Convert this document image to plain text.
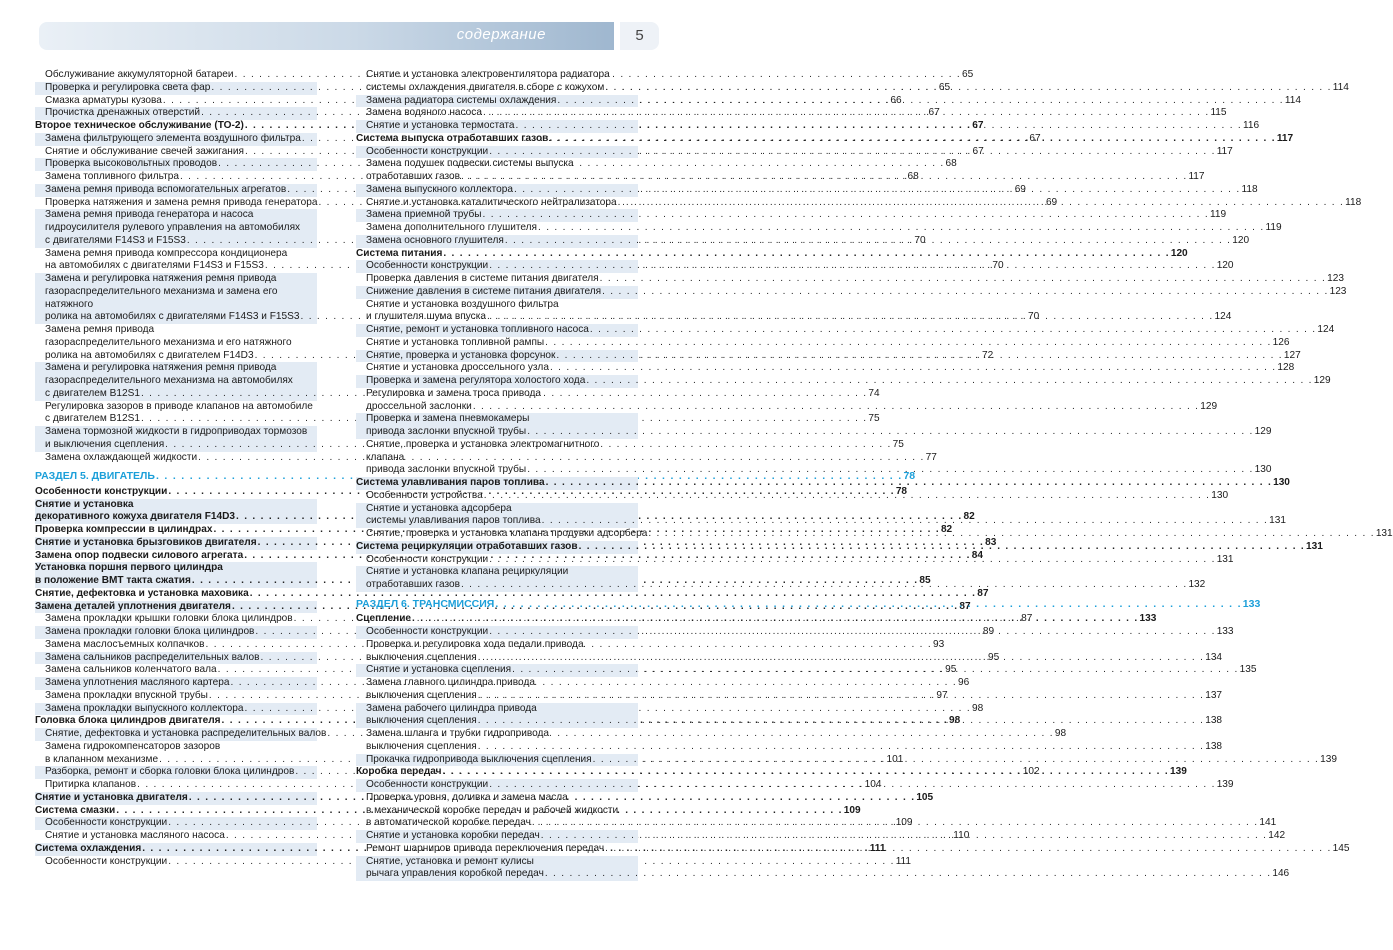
содержание	5
Обслуживание аккумуляторной батареи . . .	65
Проверка и регулировка света фар . . .	65
Смазка арматуры кузова . . .	66
Прочистка дренажных отверстий . . .	67
Второе техническое обслуживание (ТО-2) . . .	67
Замена фильтрующего элемента воздушного фильтра . . .	67
Снятие и обслуживание свечей зажигания . . .	67
Проверка высоковольтных проводов . . .	68
Замена топливного фильтра . . .	68
Замена ремня привода вспомогательных агрегатов . . .	69
Проверка натяжения и замена ремня привода генератора . . .	69
Замена ремня привода генератора и насоса
гидроусилителя рулевого управления на автомобилях
с двигателями F14S3 и F15S3 . . .	70
Замена ремня привода компрессора кондиционера
на автомобилях с двигателями F14S3 и F15S3 . . .	70
Замена и регулировка натяжения ремня привода
газораспределительного механизма и замена его натяжного
ролика на автомобилях с двигателями F14S3 и F15S3 . . .	70
Замена ремня привода
газораспределительного механизма и его натяжного
ролика на автомобилях с двигателем F14D3 . . .	72
Замена и регулировка натяжения ремня привода
газораспределительного механизма на автомобилях
с двигателем B12S1 . . .	74
Регулировка зазоров в приводе клапанов на автомобиле
с двигателем B12S1 . . .	75
Замена тормозной жидкости в гидроприводах тормозов
и выключения сцепления . . .	75
Замена охлаждающей жидкости . . .	77
РАЗДЕЛ 5. ДВИГАТЕЛЬ . . .	78
Особенности конструкции . . .	78
Снятие и установка
декоративного кожуха двигателя F14D3 . . .	82
Проверка компрессии в цилиндрах . . .	82
Снятие и установка брызговиков двигателя . . .	83
Замена опор подвески силового агрегата . . .	84
Установка поршня первого цилиндра
в положение ВМТ такта сжатия . . .	85
Снятие, дефектовка и установка маховика . . .	87
Замена деталей уплотнения двигателя . . .	87
Замена прокладки крышки головки блока цилиндров . . .	87
Замена прокладки головки блока цилиндров . . .	89
Замена маслосъемных колпачков . . .	93
Замена сальников распределительных валов . . .	95
Замена сальников коленчатого вала . . .	95
Замена уплотнения масляного картера . . .	96
Замена прокладки впускной трубы . . .	97
Замена прокладки выпускного коллектора . . .	98
Головка блока цилиндров двигателя . . .	98
Снятие, дефектовка и установка распределительных валов . . .	98
Замена гидрокомпенсаторов зазоров
в клапанном механизме . . .	101
Разборка, ремонт и сборка головки блока цилиндров . . .	102
Притирка клапанов . . .	104
Снятие и установка двигателя . . .	105
Система смазки . . .	109
Особенности конструкции . . .	109
Снятие и установка масляного насоса . . .	110
Система охлаждения . . .	111
Особенности конструкции . . .	111
Снятие и установка электровентилятора радиатора
системы охлаждения двигателя в сборе с кожухом . . .	114
Замена радиатора системы охлаждения . . .	114
Замена водяного насоса . . .	115
Снятие и установка термостата . . .	116
Система выпуска отработавших газов . . .	117
Особенности конструкции . . .	117
Замена подушек подвески системы выпуска
отработавших газов . . .	117
Замена выпускного коллектора . . .	118
Снятие и установка каталитического нейтрализатора . . .	118
Замена приемной трубы . . .	119
Замена дополнительного глушителя . . .	119
Замена основного глушителя . . .	120
Система питания . . .	120
Особенности конструкции . . .	120
Проверка давления в системе питания двигателя . . .	123
Снижение давления в системе питания двигателя . . .	123
Снятие и установка воздушного фильтра
и глушителя шума впуска . . .	124
Снятие, ремонт и установка топливного насоса . . .	124
Снятие и установка топливной рампы . . .	126
Снятие, проверка и установка форсунок . . .	127
Снятие и установка дроссельного узла . . .	128
Проверка и замена регулятора холостого хода . . .	129
Регулировка и замена троса привода
дроссельной заслонки . . .	129
Проверка и замена пневмокамеры
привода заслонки впускной трубы . . .	129
Снятие, проверка и установка электромагнитного клапана
привода заслонки впускной трубы . . .	130
Система улавливания паров топлива . . .	130
Особенности устройства . . .	130
Снятие и установка адсорбера
системы улавливания паров топлива . . .	131
Снятие, проверка и установка клапана продувки адсорбера . . .	131
Система рециркуляции отработавших газов . . .	131
Особенности конструкции . . .	131
Снятие и установка клапана рециркуляции
отработавших газов . . .	132
РАЗДЕЛ 6. ТРАНСМИССИЯ . . .	133
Сцепление . . .	133
Особенности конструкции . . .	133
Проверка и регулировка хода педали привода
выключения сцепления . . .	134
Снятие и установка сцепления . . .	135
Замена главного цилиндра привода
выключения сцепления . . .	137
Замена рабочего цилиндра привода
выключения сцепления . . .	138
Замена шланга и трубки гидропривода
выключения сцепления . . .	138
Прокачка гидропривода выключения сцепления . . .	139
Коробка передач . . .	139
Особенности конструкции . . .	139
Проверка уровня, доливка и замена масла
в механической коробке передач и рабочей жидкости
в автоматической коробке передач . . .	141
Снятие и установка коробки передач . . .	142
Ремонт шарниров привода переключения передач . . .	145
Снятие, установка и ремонт кулисы
рычага управления коробкой передач . . .	146
